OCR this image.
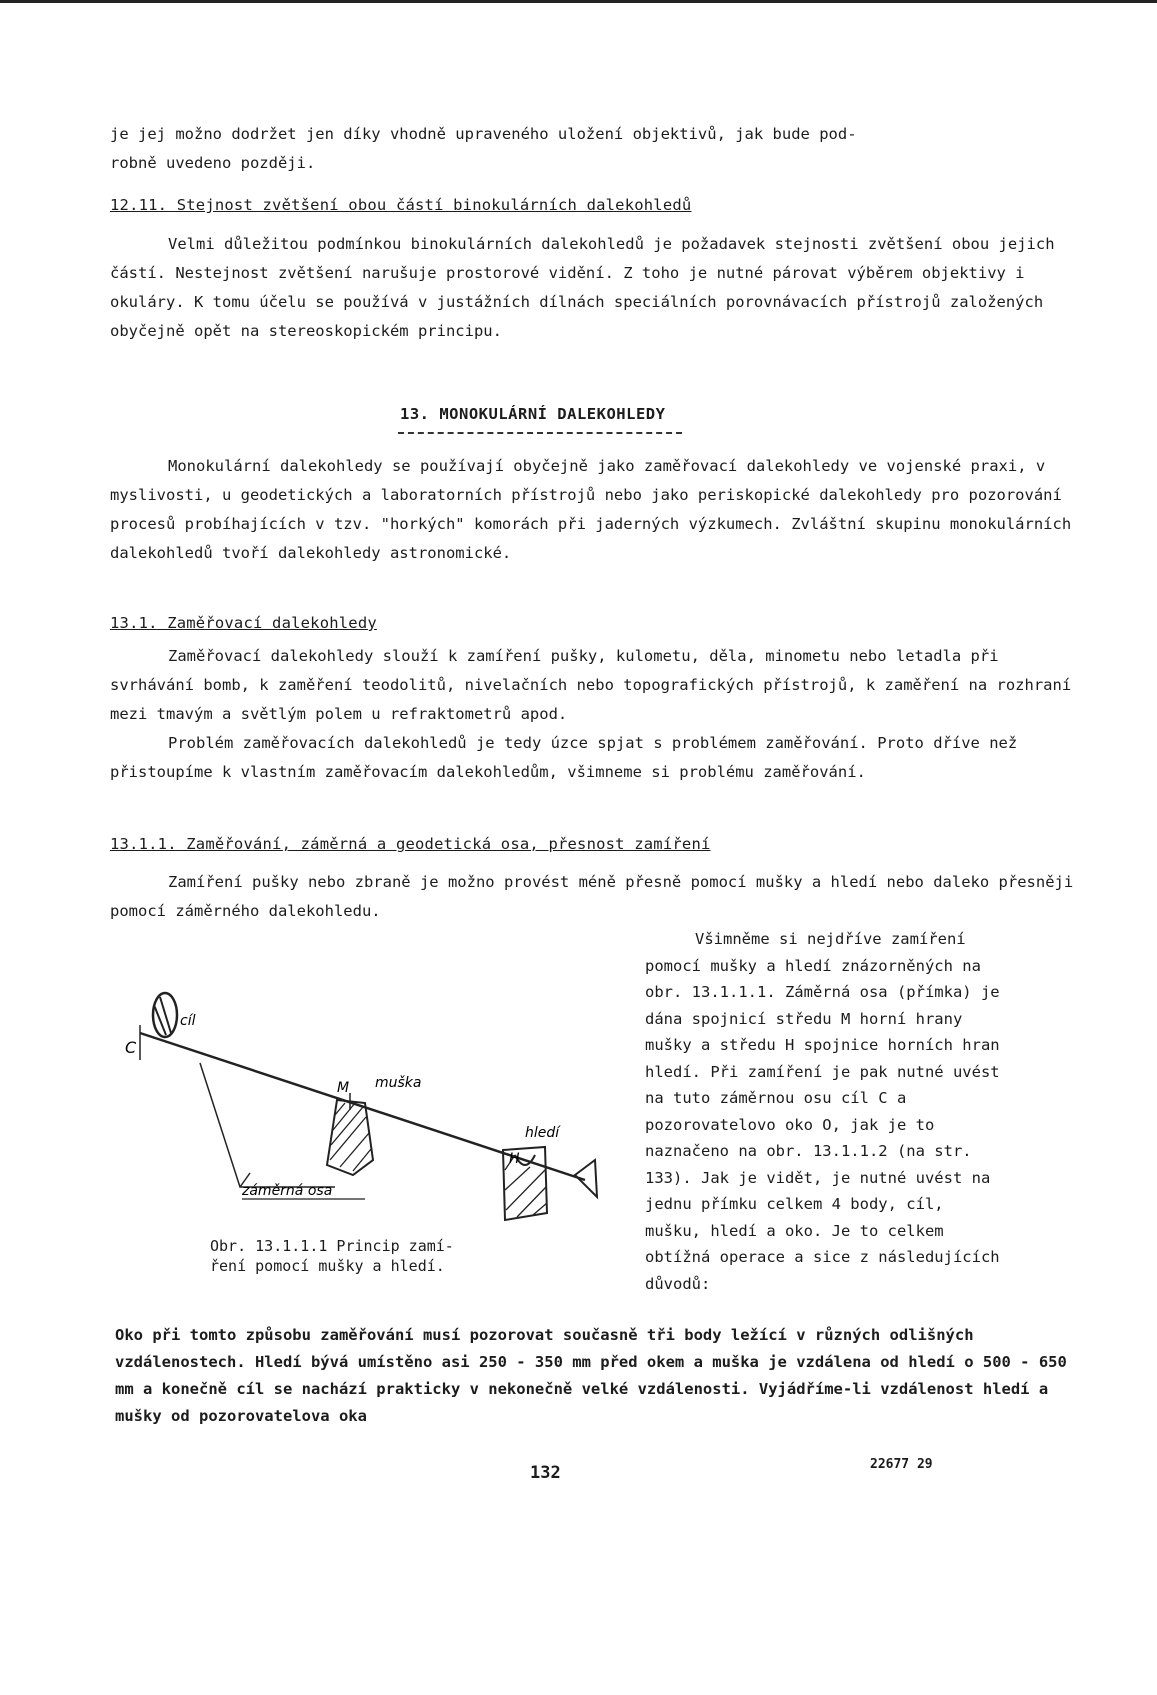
je jej možno dodržet jen díky vhodně upraveného uložení objektivů, jak bude pod-

robně uvedeno později.

12.11. Stejnost zvětšení obou částí binokulárních dalekohledů

Velmi důležitou podmínkou binokulárních dalekohledů je požadavek stejnosti zvětšení obou jejich částí. Nestejnost zvětšení narušuje prostorové vidění. Z toho je nutné párovat výběrem objektivy i okuláry. K tomu účelu se používá v justážních dílnách speciálních porovnávacích přístrojů založených obyčejně opět na stereoskopickém principu.

13. MONOKULÁRNÍ DALEKOHLEDY

Monokulární dalekohledy se používají obyčejně jako zaměřovací dalekohledy ve vojenské praxi, v myslivosti, u geodetických a laboratorních přístrojů nebo jako periskopické dalekohledy pro pozorování procesů probíhajících v tzv. "horkých" komorách při jaderných výzkumech. Zvláštní skupinu monokulárních dalekohledů tvoří dalekohledy astronomické.

13.1. Zaměřovací dalekohledy

Zaměřovací dalekohledy slouží k zamíření pušky, kulometu, děla, minometu nebo letadla při svrhávání bomb, k zaměření teodolitů, nivelačních nebo topografických přístrojů, k zaměření na rozhraní mezi tmavým a světlým polem u refraktometrů apod.

Problém zaměřovacích dalekohledů je tedy úzce spjat s problémem zaměřování. Proto dříve než přistoupíme k vlastním zaměřovacím dalekohledům, všimneme si problému zaměřování.

13.1.1. Zaměřování, záměrná a geodetická osa, přesnost zamíření

Zamíření pušky nebo zbraně je možno provést méně přesně pomocí mušky a hledí nebo daleko přesněji pomocí záměrného dalekohledu.

Všimněme si nejdříve zamíření pomocí mušky a hledí znázorněných na obr. 13.1.1.1. Záměrná osa (přímka) je dána spojnicí středu M horní hrany mušky a středu H spojnice horních hran hledí. Při zamíření je pak nutné uvést na tuto záměrnou osu cíl C a pozorovatelovo oko O, jak je to naznačeno na obr. 13.1.1.2 (na str. 133). Jak je vidět, je nutné uvést na jednu přímku celkem 4 body, cíl, mušku, hledí a oko. Je to celkem obtížná operace a sice z následujících důvodů:

cíl
C
M muška
hledí
H
záměrná osa

Obr. 13.1.1.1 Princip zamí-

ření pomocí mušky a hledí.

Oko při tomto způsobu zaměřování musí pozorovat současně tři body ležící v různých odlišných vzdálenostech. Hledí bývá umístěno asi 250 - 350 mm před okem a muška je vzdálena od hledí o 500 - 650 mm a konečně cíl se nachází prakticky v nekonečně velké vzdálenosti. Vyjádříme-li vzdálenost hledí a mušky od pozorovatelova oka

132	22677 29
